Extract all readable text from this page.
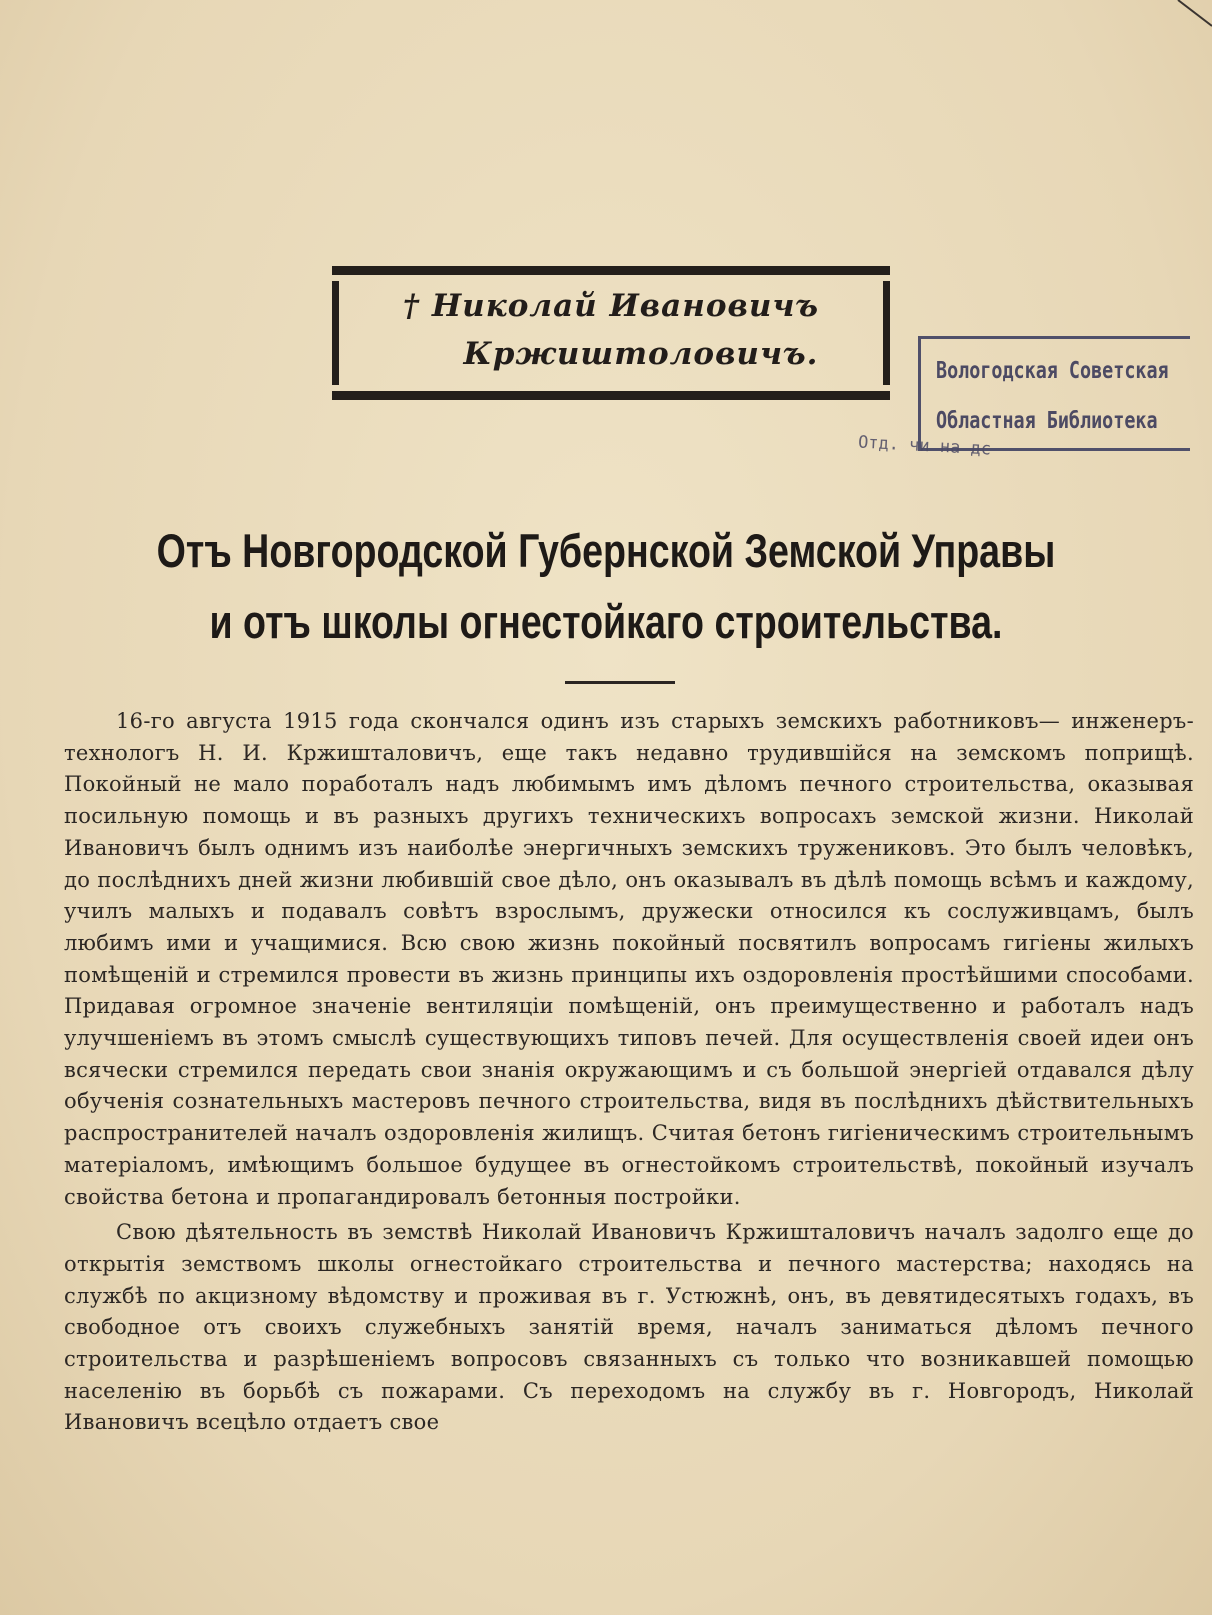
† Николай Ивановичъ
Кржиштоловичъ.	Вологодская Советская
Областная Библиотека
Отд. чи на дс
Отъ Новгородской Губернской Земской Управы
и отъ школы огнестойкаго строительства.

16-го августа 1915 года скончался одинъ изъ старыхъ земскихъ работниковъ— инженеръ-технологъ Н. И. Кржишталовичъ, еще такъ недавно трудившійся на земскомъ поприщѣ. Покойный не мало поработалъ надъ любимымъ имъ дѣломъ печного строительства, оказывая посильную помощь и въ разныхъ другихъ техническихъ вопросахъ земской жизни. Николай Ивановичъ былъ однимъ изъ наиболѣе энергичныхъ земскихъ тружениковъ. Это былъ человѣкъ, до послѣднихъ дней жизни любившій свое дѣло, онъ оказывалъ въ дѣлѣ помощь всѣмъ и каждому, училъ малыхъ и подавалъ совѣтъ взрослымъ, дружески относился къ сослуживцамъ, былъ любимъ ими и учащимися. Всю свою жизнь покойный посвятилъ вопросамъ гигіены жилыхъ помѣщеній и стремился провести въ жизнь принципы ихъ оздоровленія простѣйшими способами. Придавая огромное значеніе вентиляціи помѣщеній, онъ преимущественно и работалъ надъ улучшеніемъ въ этомъ смыслѣ существующихъ типовъ печей. Для осуществленія своей идеи онъ всячески стремился передать свои знанія окружающимъ и съ большой энергіей отдавался дѣлу обученія сознательныхъ мастеровъ печного строительства, видя въ послѣднихъ дѣйствительныхъ распространителей началъ оздоровленія жилищъ. Считая бетонъ гигіеническимъ строительнымъ матеріаломъ, имѣющимъ большое будущее въ огнестойкомъ строительствѣ, покойный изучалъ свойства бетона и пропагандировалъ бетонныя постройки.

Свою дѣятельность въ земствѣ Николай Ивановичъ Кржишталовичъ началъ задолго еще до открытія земствомъ школы огнестойкаго строительства и печного мастерства; находясь на службѣ по акцизному вѣдомству и проживая въ г. Устюжнѣ, онъ, въ девятидесятыхъ годахъ, въ свободное отъ своихъ служебныхъ занятій время, началъ заниматься дѣломъ печного строительства и разрѣшеніемъ вопросовъ связанныхъ съ только что возникавшей помощью населенію въ борьбѣ съ пожарами. Съ переходомъ на службу въ г. Новгородъ, Николай Ивановичъ всецѣло отдаетъ свое
